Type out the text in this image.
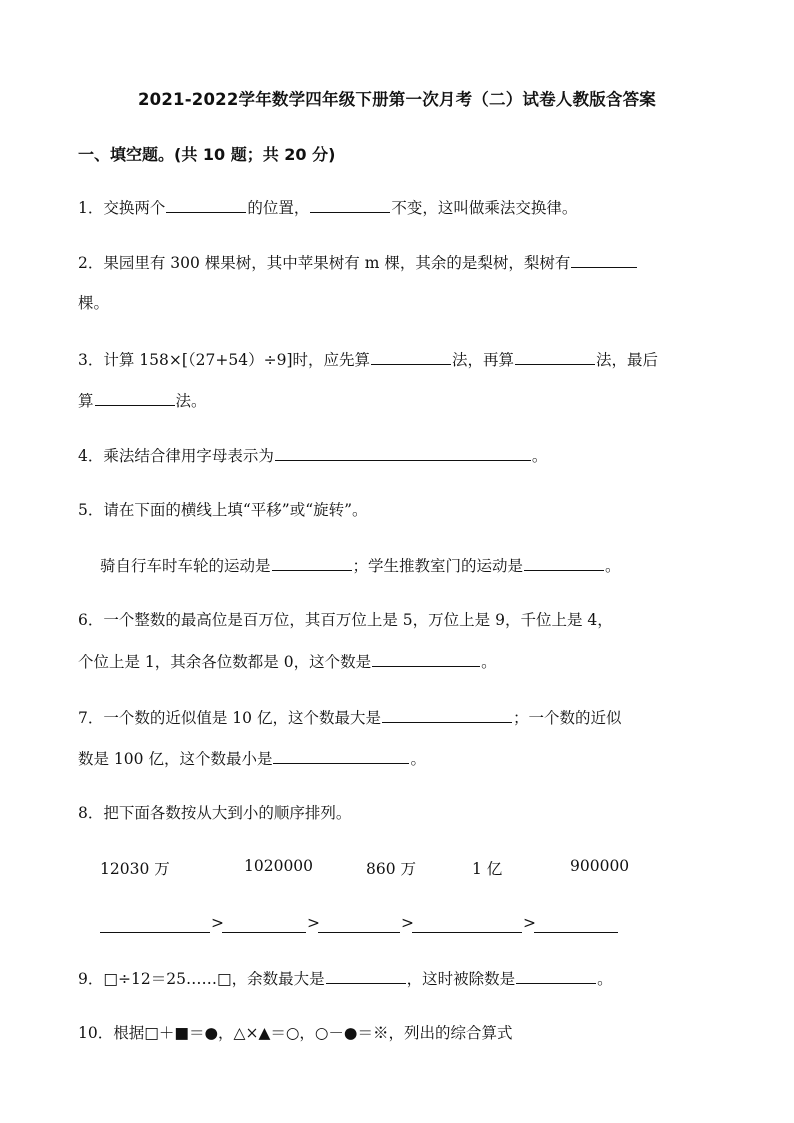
2021-2022学年数学四年级下册第一次月考（二）试卷人教版含答案
一、填空题。(共 10 题；共 20 分)
1．交换两个	的位置，	不变，这叫做乘法交换律。
2．果园里有 300 棵果树，其中苹果树有 m 棵，其余的是梨树，梨树有
棵。
3．计算 158×[（27+54）÷9]时，应先算	法，再算	法，最后
算	法。
4．乘法结合律用字母表示为	。
5．请在下面的横线上填“平移”或“旋转”。
骑自行车时车轮的运动是	；学生推教室门的运动是	。
6．一个整数的最高位是百万位，其百万位上是 5，万位上是 9，千位上是 4，
个位上是 1，其余各位数都是 0，这个数是	。
7．一个数的近似值是 10 亿，这个数最大是	；一个数的近似
数是 100 亿，这个数最小是	。
8．把下面各数按从大到小的顺序排列。
12030 万	1020000	860 万	1 亿	900000
>	>	>	>
9．□÷12＝25……□，余数最大是	，这时被除数是	。
10．根据□＋■＝●，△×▲＝○，○－●＝※，列出的综合算式
